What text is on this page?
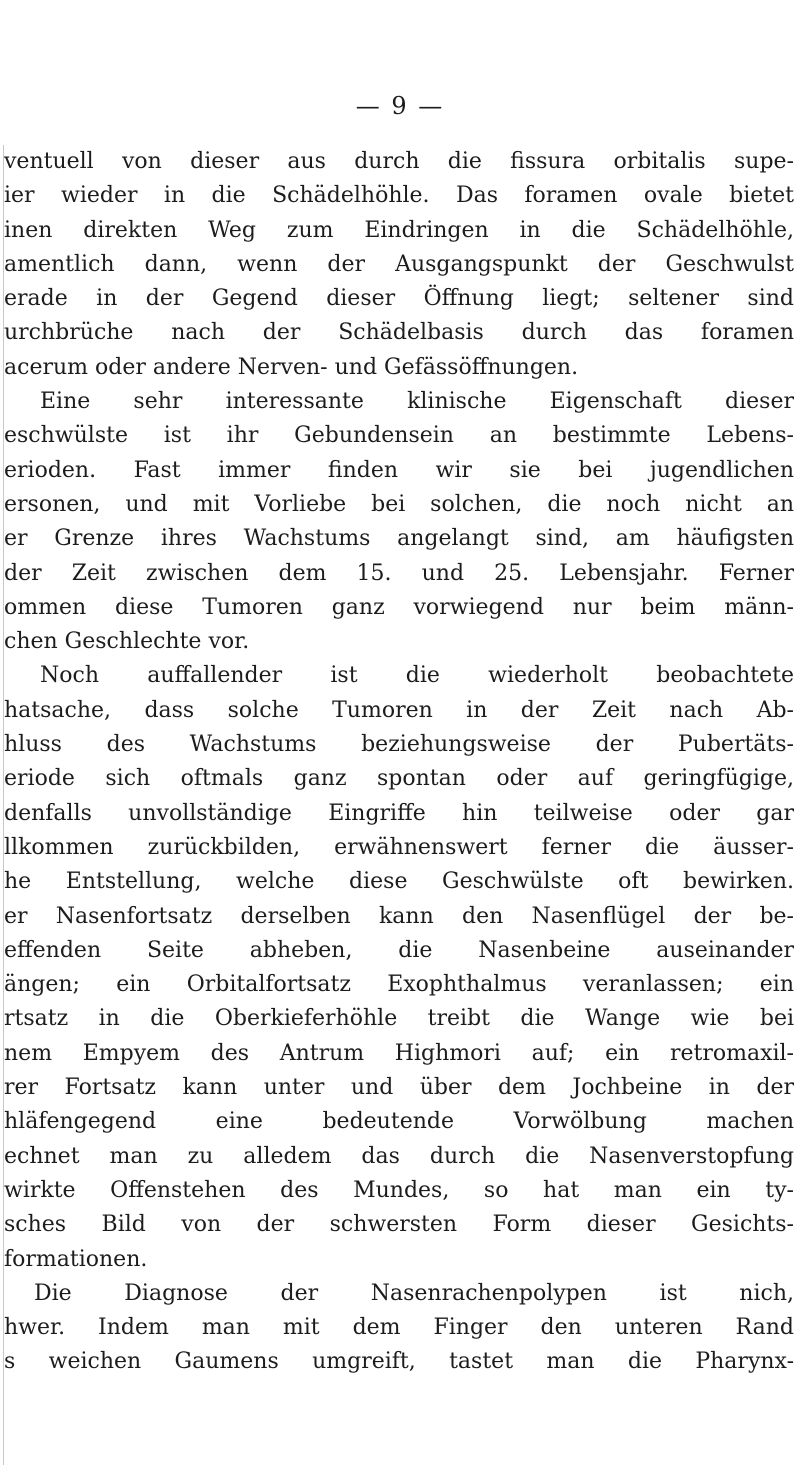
— 9 —
ventuell von dieser aus durch die fissura orbitalis supe-
ier wieder in die Schädelhöhle. Das foramen ovale bietet
inen direkten Weg zum Eindringen in die Schädelhöhle,
amentlich dann, wenn der Ausgangspunkt der Geschwulst
erade in der Gegend dieser Öffnung liegt; seltener sind
urchbrüche nach der Schädelbasis durch das foramen
acerum oder andere Nerven- und Gefässöffnungen.
Eine sehr interessante klinische Eigenschaft dieser
eschwülste ist ihr Gebundensein an bestimmte Lebens-
erioden. Fast immer finden wir sie bei jugendlichen
ersonen, und mit Vorliebe bei solchen, die noch nicht an
er Grenze ihres Wachstums angelangt sind, am häufigsten
der Zeit zwischen dem 15. und 25. Lebensjahr. Ferner
ommen diese Tumoren ganz vorwiegend nur beim männ-
chen Geschlechte vor.
Noch auffallender ist die wiederholt beobachtete
hatsache, dass solche Tumoren in der Zeit nach Ab-
hluss des Wachstums beziehungsweise der Pubertäts-
eriode sich oftmals ganz spontan oder auf geringfügige,
denfalls unvollständige Eingriffe hin teilweise oder gar
llkommen zurückbilden, erwähnenswert ferner die äusser-
he Entstellung, welche diese Geschwülste oft bewirken.
er Nasenfortsatz derselben kann den Nasenflügel der be-
effenden Seite abheben, die Nasenbeine auseinander
ängen; ein Orbitalfortsatz Exophthalmus veranlassen; ein
rtsatz in die Oberkieferhöhle treibt die Wange wie bei
nem Empyem des Antrum Highmori auf; ein retromaxil-
rer Fortsatz kann unter und über dem Jochbeine in der
hläfengegend eine bedeutende Vorwölbung machen
echnet man zu alledem das durch die Nasenverstopfung
wirkte Offenstehen des Mundes, so hat man ein ty-
sches Bild von der schwersten Form dieser Gesichts-
formationen.
Die Diagnose der Nasenrachenpolypen ist nich,
hwer. Indem man mit dem Finger den unteren Rand
s weichen Gaumens umgreift, tastet man die Pharynx-
